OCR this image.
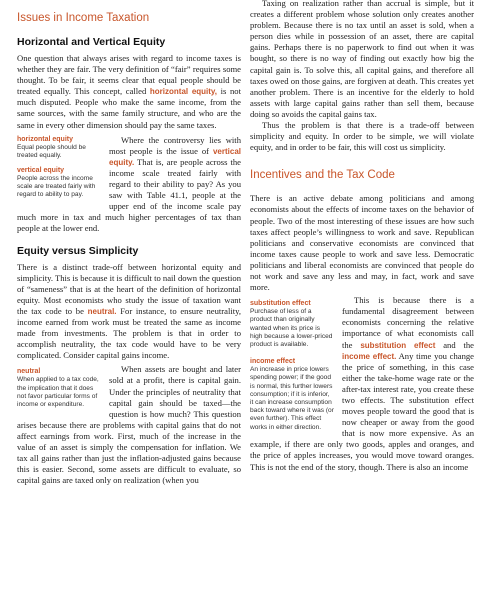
Issues in Income Taxation
Horizontal and Vertical Equity

One question that always arises with regard to income taxes is whether they are fair. The very definition of “fair” requires some thought. To be fair, it seems clear that equal people should be treated equally. This concept, called horizontal equity, is not much disputed. People who make the same income, from the same sources, with the same family structure, and who are the same in every other dimension should pay the same taxes.

horizontal equity
Equal people should be treated equally.
vertical equity
People across the income scale are treated fairly with regard to ability to pay.

Where the controversy lies with most people is the issue of vertical equity. That is, are people across the income scale treated fairly with regard to their ability to pay? As you saw with Table 41.1, people at the upper end of the income scale pay much more in tax and much higher percentages of tax than people at the lower end.

Equity versus Simplicity

There is a distinct trade-off between horizontal equity and simplicity. This is because it is difficult to nail down the question of “sameness” that is at the heart of the definition of horizontal equity. Most economists who study the issue of taxation want the tax code to be neutral. For instance, to ensure neutrality, income earned from work must be treated the same as income made from investments. The problem is that in order to accomplish neutrality, the tax code would have to be very complicated. Consider capital gains income.

neutral
When applied to a tax code, the implication that it does not favor particular forms of income or expenditure.

When assets are bought and later sold at a profit, there is capital gain. Under the principles of neutrality that capital gain should be taxed—the question is how much? This question arises because there are problems with capital gains that do not affect earnings from work. First, much of the increase in the value of an asset is simply the compensation for inflation. We tax all gains rather than just the inflation-adjusted gains because this is easier. Second, some assets are difficult to evaluate, so capital gains are taxed only on realization (when you

Taxing on realization rather than accrual is simple, but it creates a different problem whose solution only creates another problem. Because there is no tax until an asset is sold, when a person dies while in possession of an asset, there are capital gains. Perhaps there is no paperwork to find out when it was bought, so there is no way of finding out exactly how big the capital gain is. To solve this, all capital gains, and therefore all taxes owed on those gains, are forgiven at death. This creates yet another problem. There is an incentive for the elderly to hold assets with large capital gains rather than sell them, because doing so avoids the capital gains tax.

Thus the problem is that there is a trade-off between simplicity and equity. In order to be simple, we will violate equity, and in order to be fair, this will cost us simplicity.

Incentives and the Tax Code

There is an active debate among politicians and among economists about the effects of income taxes on the behavior of people. Two of the most interesting of these issues are how such taxes affect people’s willingness to work and save. Republican politicians and conservative economists are convinced that income taxes cause people to work and save less. Democratic politicians and liberal economists are convinced that people do not work and save any less and may, in fact, work and save more.

substitution effect
Purchase of less of a product than originally wanted when its price is high because a lower-priced product is available.
income effect
An increase in price lowers spending power; if the good is normal, this further lowers consumption; if it is inferior, it can increase consumption back toward where it was (or even further). This effect works in either direction.

This is because there is a fundamental disagreement between economists concerning the relative importance of what economists call the substitution effect and the income effect. Any time you change the price of something, in this case either the take-home wage rate or the after-tax interest rate, you create these two effects. The substitution effect moves people toward the good that is now cheaper or away from the good that is now more expensive. As an example, if there are only two goods, apples and oranges, and the price of apples increases, you would move toward oranges. This is not the end of the story, though. There is also an income
